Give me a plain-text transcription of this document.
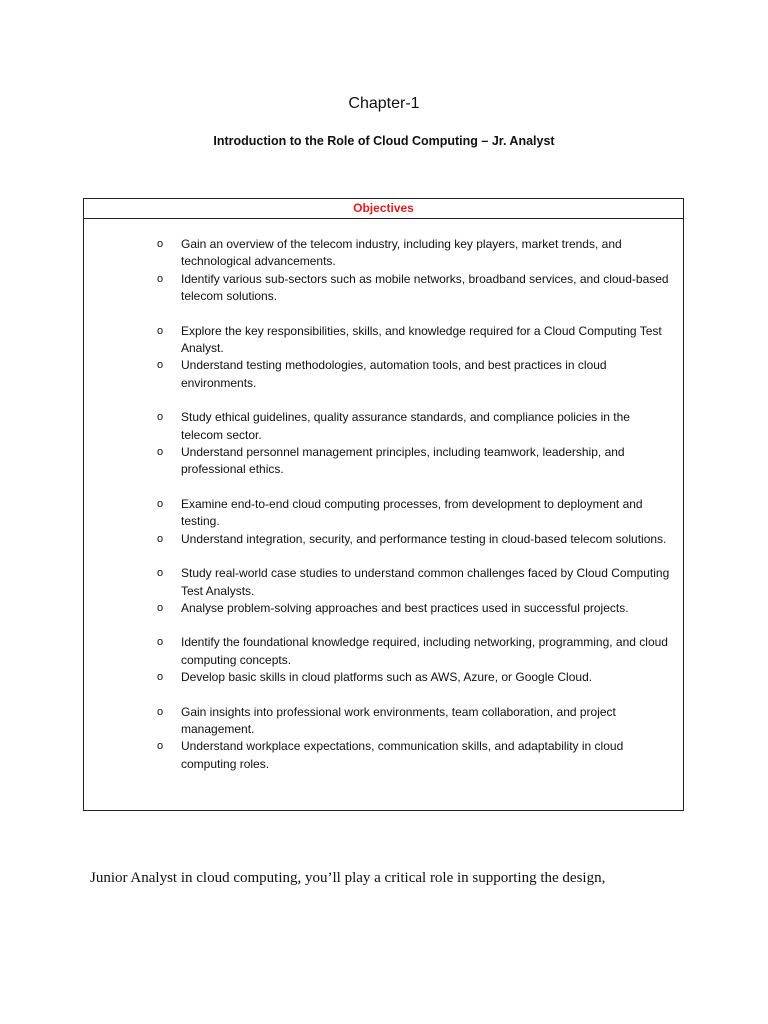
Chapter-1
Introduction to the Role of Cloud Computing – Jr. Analyst
Objectives
o Gain an overview of the telecom industry, including key players, market trends, and technological advancements.
o Identify various sub-sectors such as mobile networks, broadband services, and cloud-based telecom solutions.
o Explore the key responsibilities, skills, and knowledge required for a Cloud Computing Test Analyst.
o Understand testing methodologies, automation tools, and best practices in cloud environments.
o Study ethical guidelines, quality assurance standards, and compliance policies in the telecom sector.
o Understand personnel management principles, including teamwork, leadership, and professional ethics.
o Examine end-to-end cloud computing processes, from development to deployment and testing.
o Understand integration, security, and performance testing in cloud-based telecom solutions.
o Study real-world case studies to understand common challenges faced by Cloud Computing Test Analysts.
o Analyse problem-solving approaches and best practices used in successful projects.
o Identify the foundational knowledge required, including networking, programming, and cloud computing concepts.
o Develop basic skills in cloud platforms such as AWS, Azure, or Google Cloud.
o Gain insights into professional work environments, team collaboration, and project management.
o Understand workplace expectations, communication skills, and adaptability in cloud computing roles.
Junior Analyst in cloud computing, you’ll play a critical role in supporting the design,
